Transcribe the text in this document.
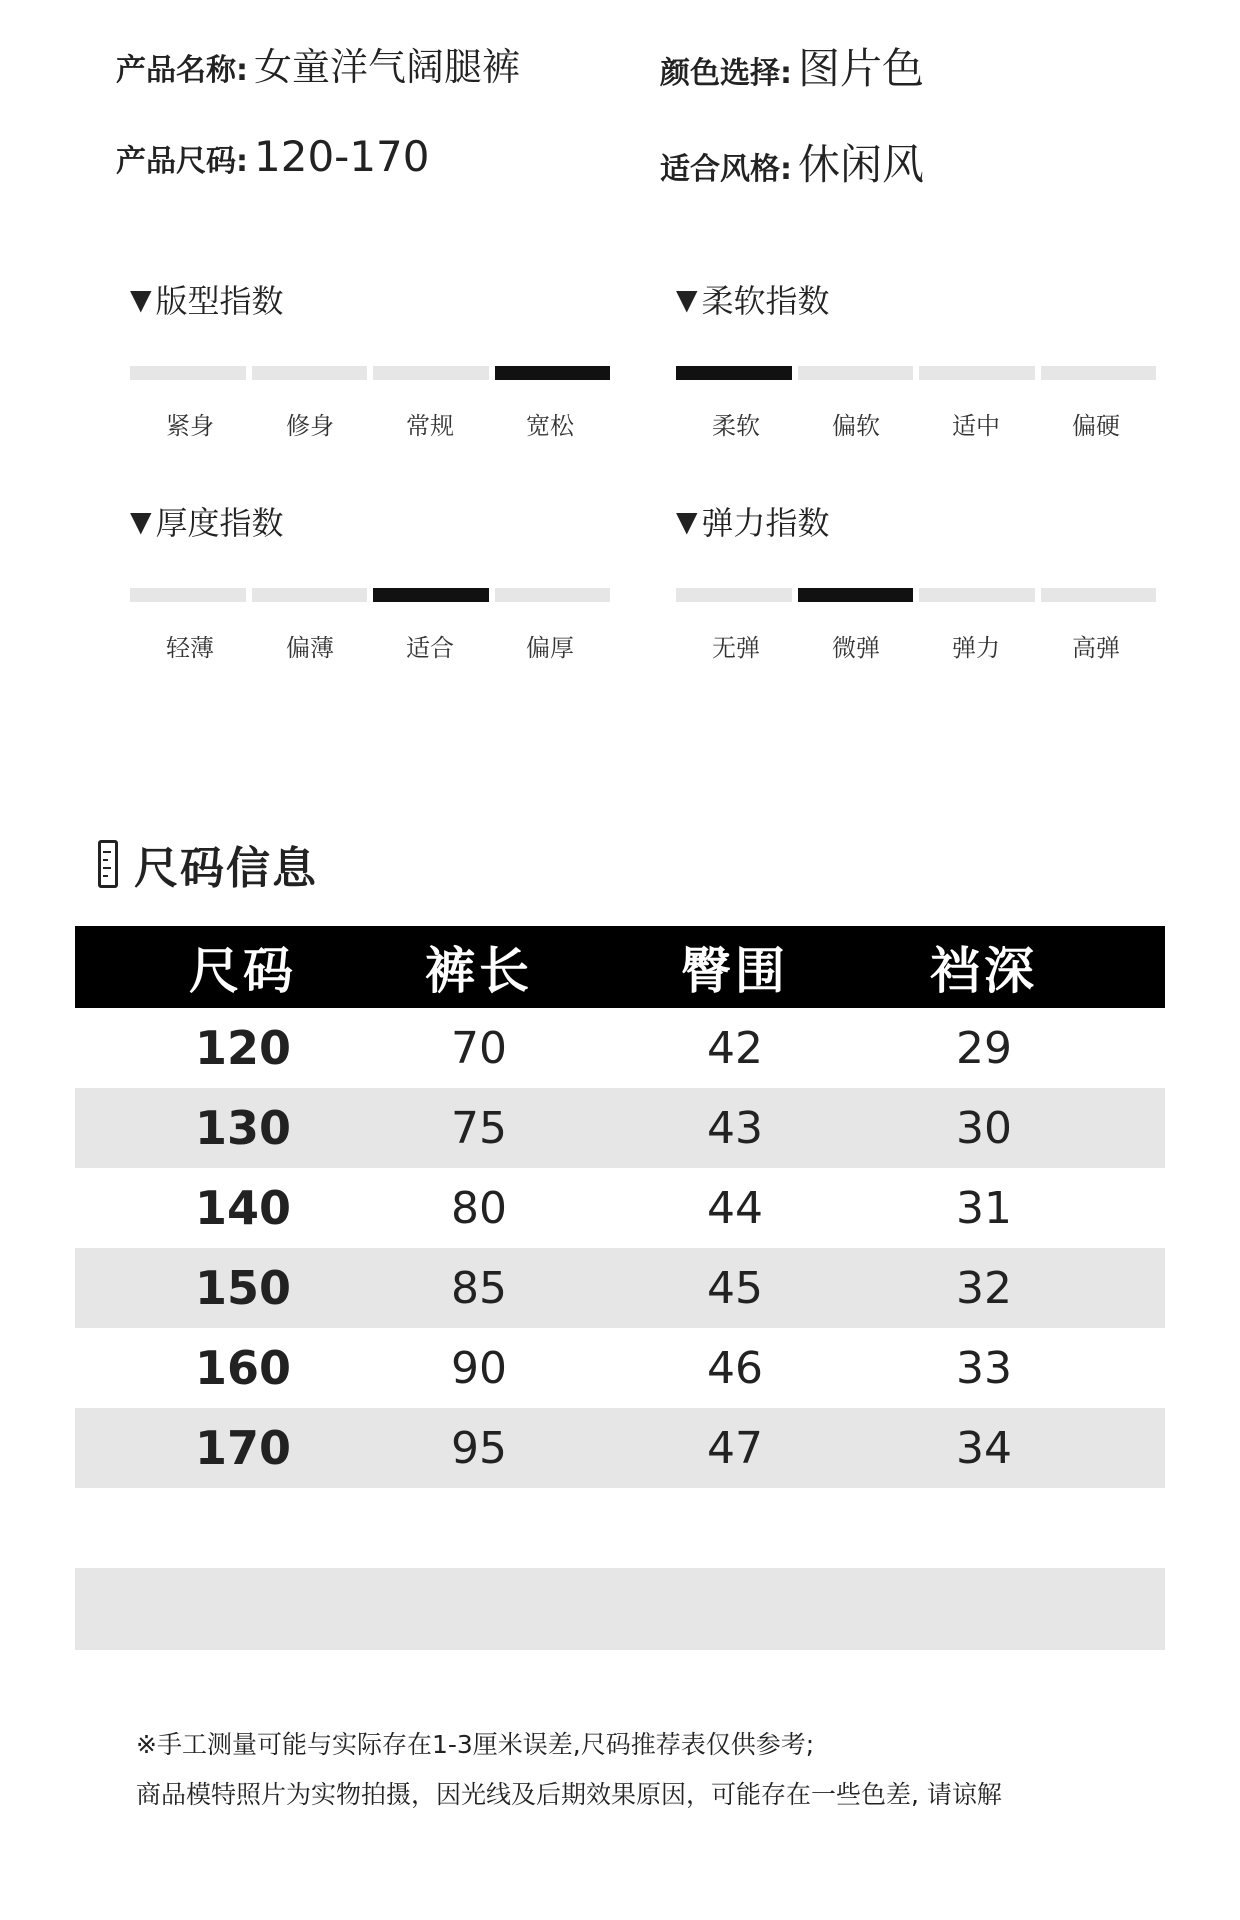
产品名称: 女童洋气阔腿裤	颜色选择: 图片色
产品尺码: 120-170	适合风格: 休闲风
▼ 版型指数
紧身	修身	常规	宽松
▼ 柔软指数
柔软	偏软	适中	偏硬
▼ 厚度指数
轻薄	偏薄	适合	偏厚
▼ 弹力指数
无弹	微弹	弹力	高弹
尺码信息
尺码	裤长	臀围	裆深
120	70	42	29
130	75	43	30
140	80	44	31
150	85	45	32
160	90	46	33
170	95	47	34
※手工测量可能与实际存在1-3厘米误差,尺码推荐表仅供参考;
商品模特照片为实物拍摄，因光线及后期效果原因，可能存在一些色差, 请谅解
